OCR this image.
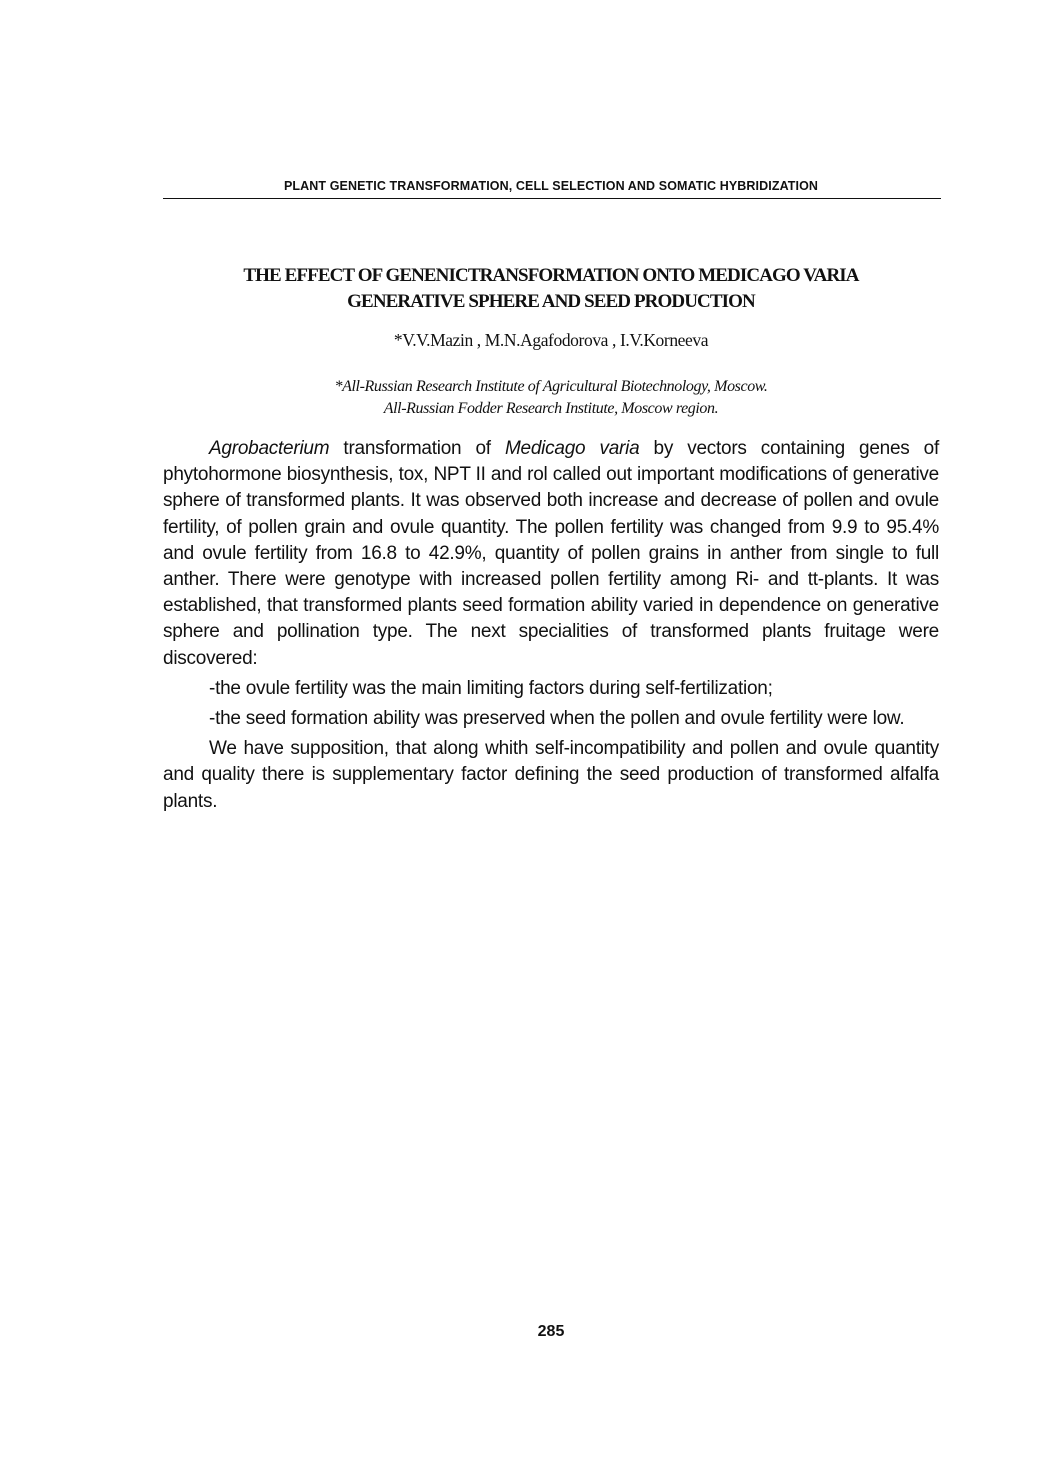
PLANT GENETIC TRANSFORMATION, CELL SELECTION AND SOMATIC HYBRIDIZATION
THE EFFECT OF GENENICTRANSFORMATION ONTO MEDICAGO VARIA
GENERATIVE SPHERE AND SEED PRODUCTION
*V.V.Mazin , M.N.Agafodorova , I.V.Korneeva
*All-Russian Research Institute of Agricultural Biotechnology, Moscow.
All-Russian Fodder Research Institute, Moscow region.

Agrobacterium transformation of Medicago varia by vectors containing genes of phytohormone biosynthesis, tox, NPT II and rol called out important modifications of generative sphere of transformed plants. It was observed both increase and decrease of pollen and ovule fertility, of pollen grain and ovule quantity. The pollen fertility was changed from 9.9 to 95.4% and ovule fertility from 16.8 to 42.9%, quantity of pollen grains in anther from single to full anther. There were genotype with increased pollen fertility among Ri- and tt-plants. It was established, that transformed plants seed formation ability varied in dependence on generative sphere and pollination type. The next specialities of transformed plants fruitage were discovered:

-the ovule fertility was the main limiting factors during self-fertilization;

-the seed formation ability was preserved when the pollen and ovule fertility were low.

We have supposition, that along whith self-incompatibility and pollen and ovule quantity and quality there is supplementary factor defining the seed production of transformed alfalfa plants.

285
